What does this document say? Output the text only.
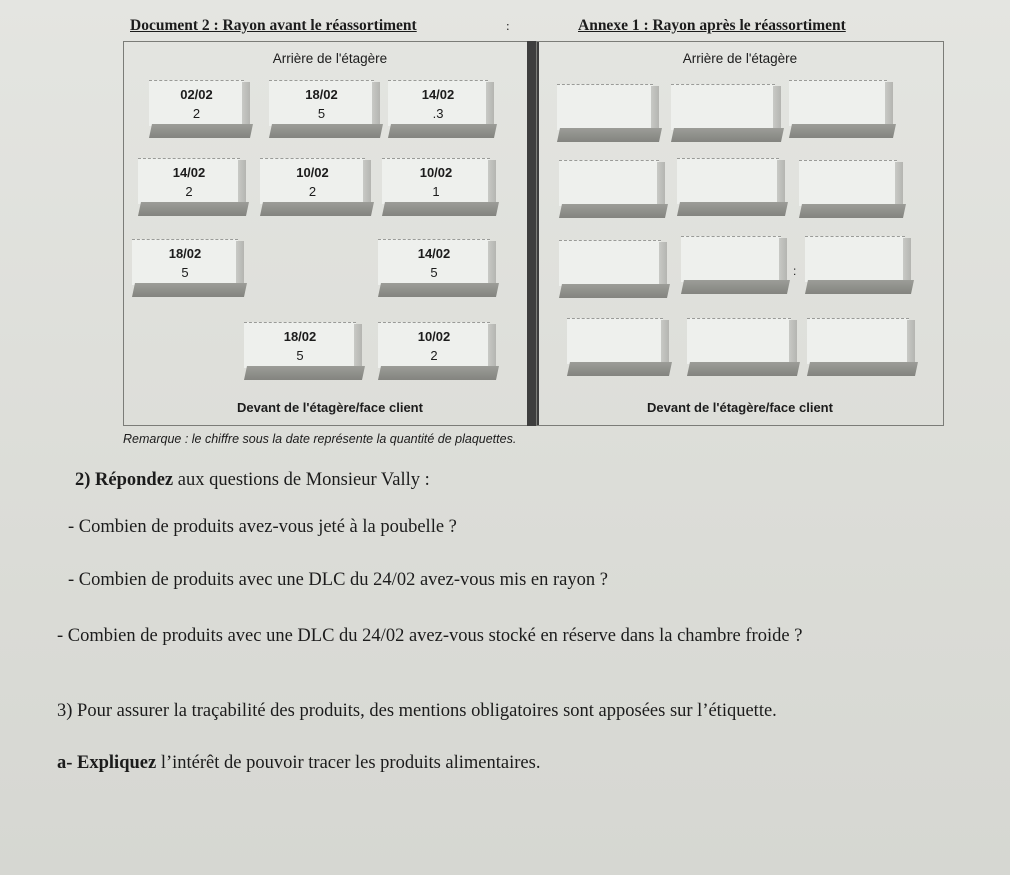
Document 2 : Rayon avant le réassortiment	:	Annexe 1 : Rayon après le réassortiment
Arrière de l'étagère
02/02
2
18/02
5
14/02
.3
14/02
2
10/02
2
10/02
1
18/02
5
14/02
5
18/02
5
10/02
2
Devant de l'étagère/face client
Arrière de l'étagère
:
Devant de l'étagère/face client
Remarque : le chiffre sous la date représente la quantité de plaquettes.
2) Répondez aux questions de Monsieur Vally :
- Combien de produits avez-vous jeté à la poubelle ?
- Combien de produits avec une DLC du 24/02 avez-vous mis en rayon ?
- Combien de produits avec une DLC du 24/02 avez-vous stocké en réserve dans la chambre froide ?
3) Pour assurer la traçabilité des produits, des mentions obligatoires sont apposées sur l’étiquette.
a- Expliquez l’intérêt de pouvoir tracer les produits alimentaires.
